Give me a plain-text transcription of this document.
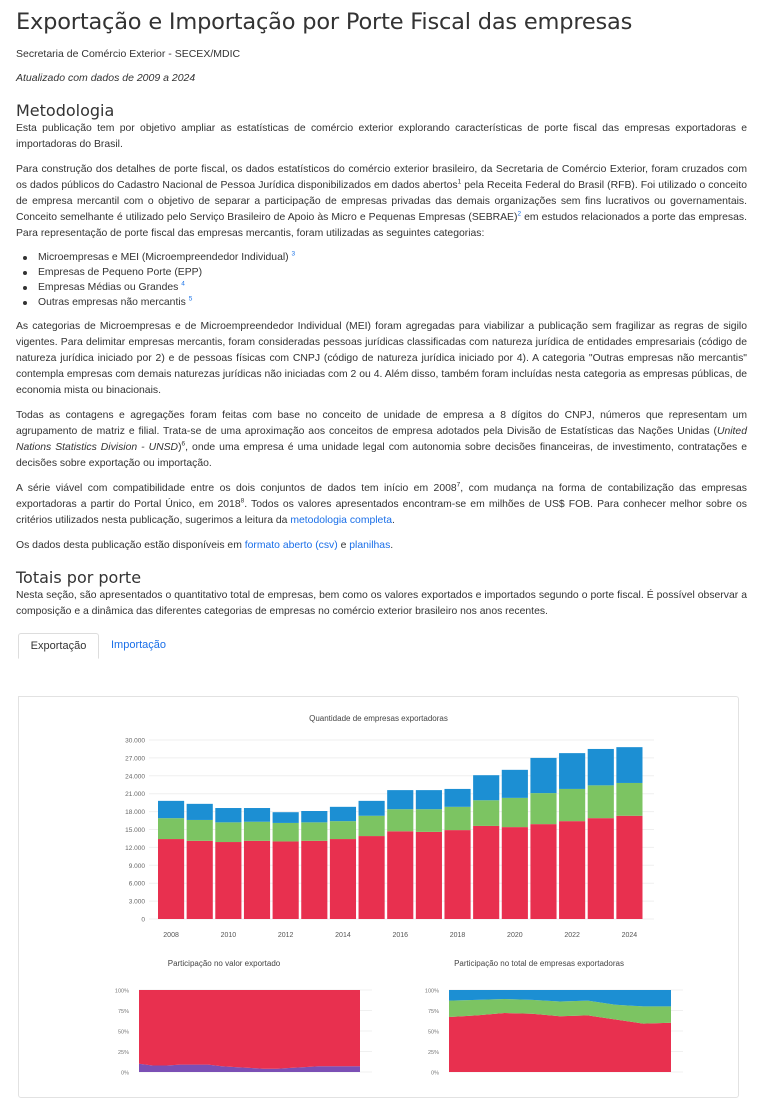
Exportação e Importação por Porte Fiscal das empresas
Secretaria de Comércio Exterior - SECEX/MDIC
Atualizado com dados de 2009 a 2024
Metodologia

Esta publicação tem por objetivo ampliar as estatísticas de comércio exterior explorando características de porte fiscal das empresas exportadoras e importadoras do Brasil.

Para construção dos detalhes de porte fiscal, os dados estatísticos do comércio exterior brasileiro, da Secretaria de Comércio Exterior, foram cruzados com os dados públicos do Cadastro Nacional de Pessoa Jurídica disponibilizados em dados abertos$^1$ pela Receita Federal do Brasil (RFB). Foi utilizado o conceito de empresa mercantil com o objetivo de separar a participação de empresas privadas das demais organizações sem fins lucrativos ou governamentais. Conceito semelhante é utilizado pelo Serviço Brasileiro de Apoio às Micro e Pequenas Empresas (SEBRAE)$^2$ em estudos relacionados a porte das empresas. Para representação de porte fiscal das empresas mercantis, foram utilizadas as seguintes categorias:

Microempresas e MEI (Microempreendedor Individual) $^3$
Empresas de Pequeno Porte (EPP)
Empresas Médias ou Grandes $^4$
Outras empresas não mercantis $^5$

As categorias de Microempresas e de Microempreendedor Individual (MEI) foram agregadas para viabilizar a publicação sem fragilizar as regras de sigilo vigentes. Para delimitar empresas mercantis, foram consideradas pessoas jurídicas classificadas com natureza jurídica de entidades empresariais (código de natureza jurídica iniciado por 2) e de pessoas físicas com CNPJ (código de natureza jurídica iniciado por 4). A categoria "Outras empresas não mercantis" contempla empresas com demais naturezas jurídicas não iniciadas com 2 ou 4. Além disso, também foram incluídas nesta categoria as empresas públicas, de economia mista ou binacionais.

Todas as contagens e agregações foram feitas com base no conceito de unidade de empresa a 8 dígitos do CNPJ, números que representam um agrupamento de matriz e filial. Trata-se de uma aproximação aos conceitos de empresa adotados pela Divisão de Estatísticas das Nações Unidas (United Nations Statistics Division - UNSD)$^6$, onde uma empresa é uma unidade legal com autonomia sobre decisões financeiras, de investimento, contratações e decisões sobre exportação ou importação.

A série viável com compatibilidade entre os dois conjuntos de dados tem início em 2008$^7$, com mudança na forma de contabilização das empresas exportadoras a partir do Portal Único, em 2018$^8$. Todos os valores apresentados encontram-se em milhões de US$ FOB. Para conhecer melhor sobre os critérios utilizados nesta publicação, sugerimos a leitura da metodologia completa.

Os dados desta publicação estão disponíveis em formato aberto (csv) e planilhas.

Totais por porte

Nesta seção, são apresentados o quantitativo total de empresas, bem como os valores exportados e importados segundo o porte fiscal. É possível observar a composição e a dinâmica das diferentes categorias de empresas no comércio exterior brasileiro nos anos recentes.

Exportação	Importação
Quantidade de empresas exportadoras
0
3.000
6.000
9.000
12.000
15.000
18.000
21.000
24.000
27.000
30.000
2008	2010	2012	2014	2016	2018	2020	2022	2024
Participação no valor exportado
0%
25%
50%
75%
100%
Participação no total de empresas exportadoras
0%
25%
50%
75%
100%
